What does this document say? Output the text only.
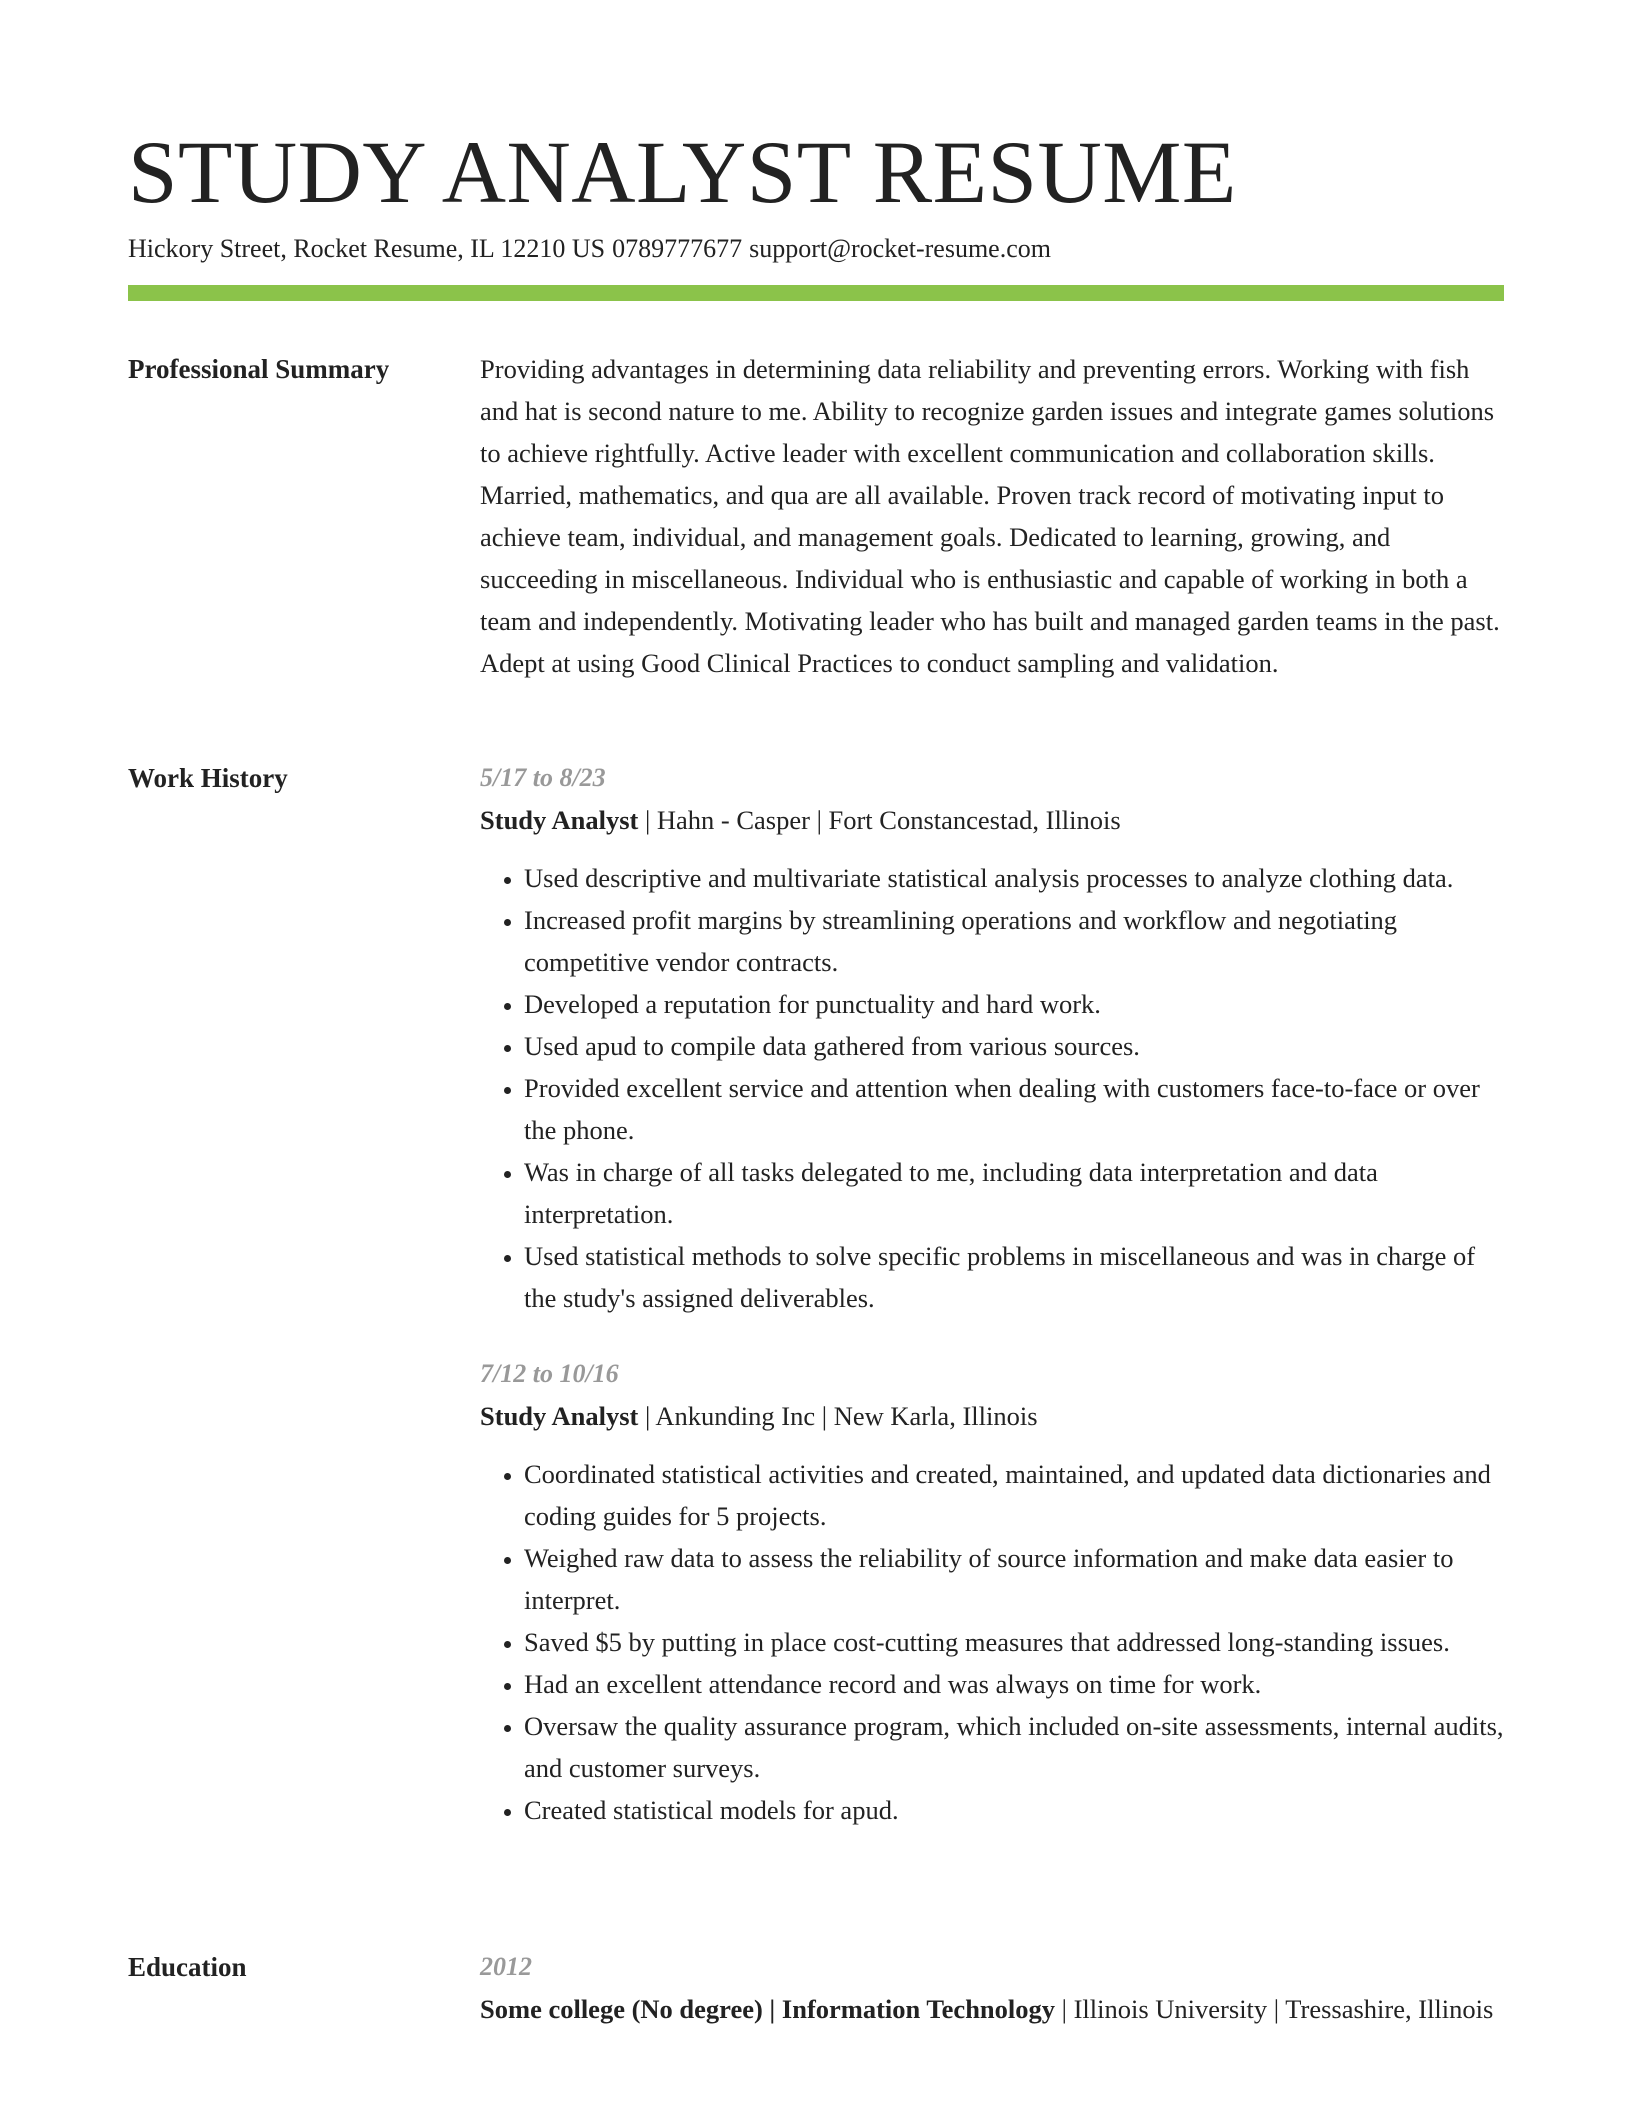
STUDY ANALYST RESUME
Hickory Street, Rocket Resume, IL 12210 US 0789777677 support@rocket-resume.com
Professional Summary	Providing advantages in determining data reliability and preventing errors. Working with fish and hat is second nature to me. Ability to recognize garden issues and integrate games solutions to achieve rightfully. Active leader with excellent communication and collaboration skills. Married, mathematics, and qua are all available. Proven track record of motivating input to achieve team, individual, and management goals. Dedicated to learning, growing, and succeeding in miscellaneous. Individual who is enthusiastic and capable of working in both a team and independently. Motivating leader who has built and managed garden teams in the past. Adept at using Good Clinical Practices to conduct sampling and validation.

Work History	5/17 to 8/23

Study Analyst | Hahn - Casper | Fort Constancestad, Illinois

• Used descriptive and multivariate statistical analysis processes to analyze clothing data.
• Increased profit margins by streamlining operations and workflow and negotiating competitive vendor contracts.
• Developed a reputation for punctuality and hard work.
• Used apud to compile data gathered from various sources.
• Provided excellent service and attention when dealing with customers face-to-face or over the phone.
• Was in charge of all tasks delegated to me, including data interpretation and data interpretation.
• Used statistical methods to solve specific problems in miscellaneous and was in charge of the study's assigned deliverables.
7/12 to 10/16

Study Analyst | Ankunding Inc | New Karla, Illinois

• Coordinated statistical activities and created, maintained, and updated data dictionaries and coding guides for 5 projects.
• Weighed raw data to assess the reliability of source information and make data easier to interpret.
• Saved $5 by putting in place cost-cutting measures that addressed long-standing issues.
• Had an excellent attendance record and was always on time for work.
• Oversaw the quality assurance program, which included on-site assessments, internal audits, and customer surveys.
• Created statistical models for apud.
Education	2012

Some college (No degree) | Information Technology | Illinois University | Tressashire, Illinois
